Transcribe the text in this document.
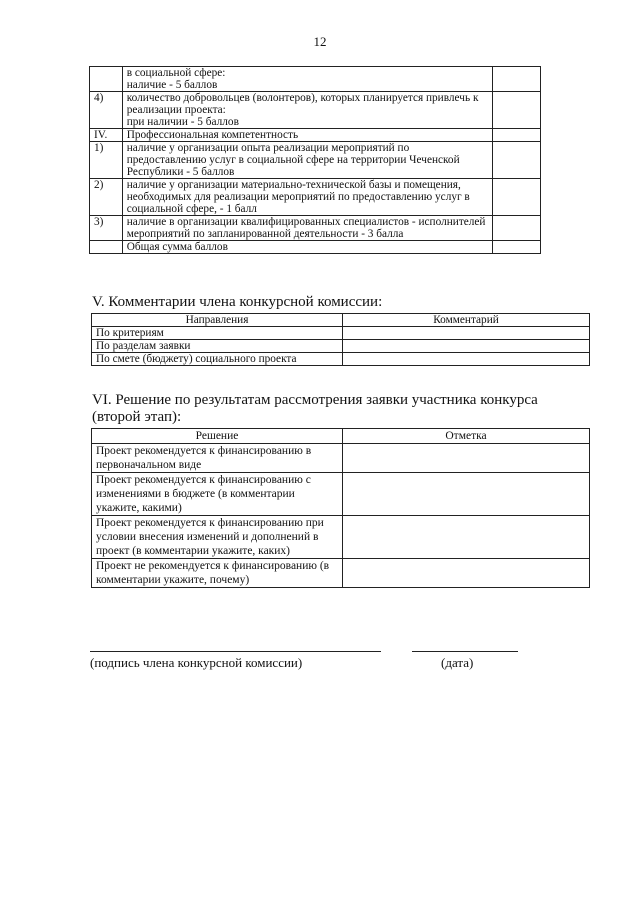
12
	в социальной сфере:
наличие - 5 баллов	
4)	количество добровольцев (волонтеров), которых планируется привлечь к реализации проекта:
при наличии - 5 баллов	
IV.	Профессиональная компетентность	
1)	наличие у организации опыта реализации мероприятий по предоставлению услуг в социальной сфере на территории Чеченской Республики - 5 баллов	
2)	наличие у организации материально-технической базы и помещения, необходимых для реализации мероприятий по предоставлению услуг в социальной сфере, - 1 балл	
3)	наличие в организации квалифицированных специалистов - исполнителей мероприятий по запланированной деятельности - 3 балла	
	Общая сумма баллов	
V. Комментарии члена конкурсной комиссии:
Направления	Комментарий
По критериям	
По разделам заявки	
По смете (бюджету) социального проекта	
VI. Решение по результатам рассмотрения заявки участника конкурса (второй этап):
Решение	Отметка
Проект рекомендуется к финансированию в первоначальном виде	
Проект рекомендуется к финансированию с изменениями в бюджете (в комментарии укажите, какими)	
Проект рекомендуется к финансированию при условии внесения изменений и дополнений в проект (в комментарии укажите, каких)	
Проект не рекомендуется к финансированию (в комментарии укажите, почему)	
(подпись члена конкурсной комиссии)	(дата)
